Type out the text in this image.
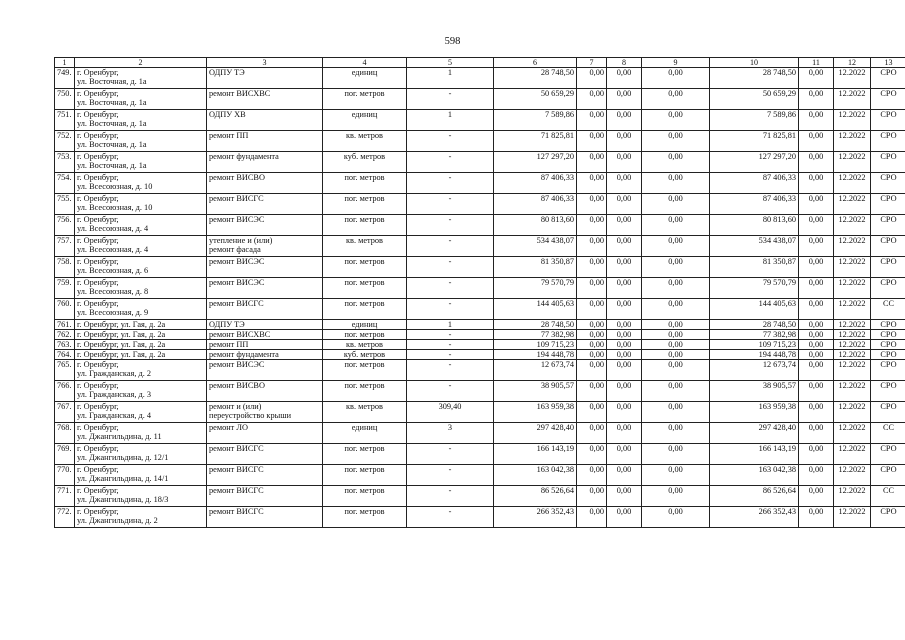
598
1	2	3	4	5	6	7	8	9	10	11	12	13
749.	г. Оренбург,
ул. Восточная, д. 1а	ОДПУ ТЭ	единиц	1	28 748,50	0,00	0,00	0,00	28 748,50	0,00	12.2022	СРО
750.	г. Оренбург,
ул. Восточная, д. 1а	ремонт ВИСХВС	пог. метров	-	50 659,29	0,00	0,00	0,00	50 659,29	0,00	12.2022	СРО
751.	г. Оренбург,
ул. Восточная, д. 1а	ОДПУ ХВ	единиц	1	7 589,86	0,00	0,00	0,00	7 589,86	0,00	12.2022	СРО
752.	г. Оренбург,
ул. Восточная, д. 1а	ремонт ПП	кв. метров	-	71 825,81	0,00	0,00	0,00	71 825,81	0,00	12.2022	СРО
753.	г. Оренбург,
ул. Восточная, д. 1а	ремонт фундамента	куб. метров	-	127 297,20	0,00	0,00	0,00	127 297,20	0,00	12.2022	СРО
754.	г. Оренбург,
ул. Всесоюзная, д. 10	ремонт ВИСВО	пог. метров	-	87 406,33	0,00	0,00	0,00	87 406,33	0,00	12.2022	СРО
755.	г. Оренбург,
ул. Всесоюзная, д. 10	ремонт ВИСГС	пог. метров	-	87 406,33	0,00	0,00	0,00	87 406,33	0,00	12.2022	СРО
756.	г. Оренбург,
ул. Всесоюзная, д. 4	ремонт ВИСЭС	пог. метров	-	80 813,60	0,00	0,00	0,00	80 813,60	0,00	12.2022	СРО
757.	г. Оренбург,
ул. Всесоюзная, д. 4	утепление и (или)
ремонт фасада	кв. метров	-	534 438,07	0,00	0,00	0,00	534 438,07	0,00	12.2022	СРО
758.	г. Оренбург,
ул. Всесоюзная, д. 6	ремонт ВИСЭС	пог. метров	-	81 350,87	0,00	0,00	0,00	81 350,87	0,00	12.2022	СРО
759.	г. Оренбург,
ул. Всесоюзная, д. 8	ремонт ВИСЭС	пог. метров	-	79 570,79	0,00	0,00	0,00	79 570,79	0,00	12.2022	СРО
760.	г. Оренбург,
ул. Всесоюзная, д. 9	ремонт ВИСГС	пог. метров	-	144 405,63	0,00	0,00	0,00	144 405,63	0,00	12.2022	СС
761.	г. Оренбург, ул. Гая, д. 2а	ОДПУ ТЭ	единиц	1	28 748,50	0,00	0,00	0,00	28 748,50	0,00	12.2022	СРО
762.	г. Оренбург, ул. Гая, д. 2а	ремонт ВИСХВС	пог. метров	-	77 382,98	0,00	0,00	0,00	77 382,98	0,00	12.2022	СРО
763.	г. Оренбург, ул. Гая, д. 2а	ремонт ПП	кв. метров	-	109 715,23	0,00	0,00	0,00	109 715,23	0,00	12.2022	СРО
764.	г. Оренбург, ул. Гая, д. 2а	ремонт фундамента	куб. метров	-	194 448,78	0,00	0,00	0,00	194 448,78	0,00	12.2022	СРО
765.	г. Оренбург,
ул. Гражданская, д. 2	ремонт ВИСЭС	пог. метров	-	12 673,74	0,00	0,00	0,00	12 673,74	0,00	12.2022	СРО
766.	г. Оренбург,
ул. Гражданская, д. 3	ремонт ВИСВО	пог. метров	-	38 905,57	0,00	0,00	0,00	38 905,57	0,00	12.2022	СРО
767.	г. Оренбург,
ул. Гражданская, д. 4	ремонт и (или)
переустройство крыши	кв. метров	309,40	163 959,38	0,00	0,00	0,00	163 959,38	0,00	12.2022	СРО
768.	г. Оренбург,
ул. Джангильдина, д. 11	ремонт ЛО	единиц	3	297 428,40	0,00	0,00	0,00	297 428,40	0,00	12.2022	СС
769.	г. Оренбург,
ул. Джангильдина, д. 12/1	ремонт ВИСГС	пог. метров	-	166 143,19	0,00	0,00	0,00	166 143,19	0,00	12.2022	СРО
770.	г. Оренбург,
ул. Джангильдина, д. 14/1	ремонт ВИСГС	пог. метров	-	163 042,38	0,00	0,00	0,00	163 042,38	0,00	12.2022	СРО
771.	г. Оренбург,
ул. Джангильдина, д. 18/3	ремонт ВИСГС	пог. метров	-	86 526,64	0,00	0,00	0,00	86 526,64	0,00	12.2022	СС
772.	г. Оренбург,
ул. Джангильдина, д. 2	ремонт ВИСГС	пог. метров	-	266 352,43	0,00	0,00	0,00	266 352,43	0,00	12.2022	СРО
